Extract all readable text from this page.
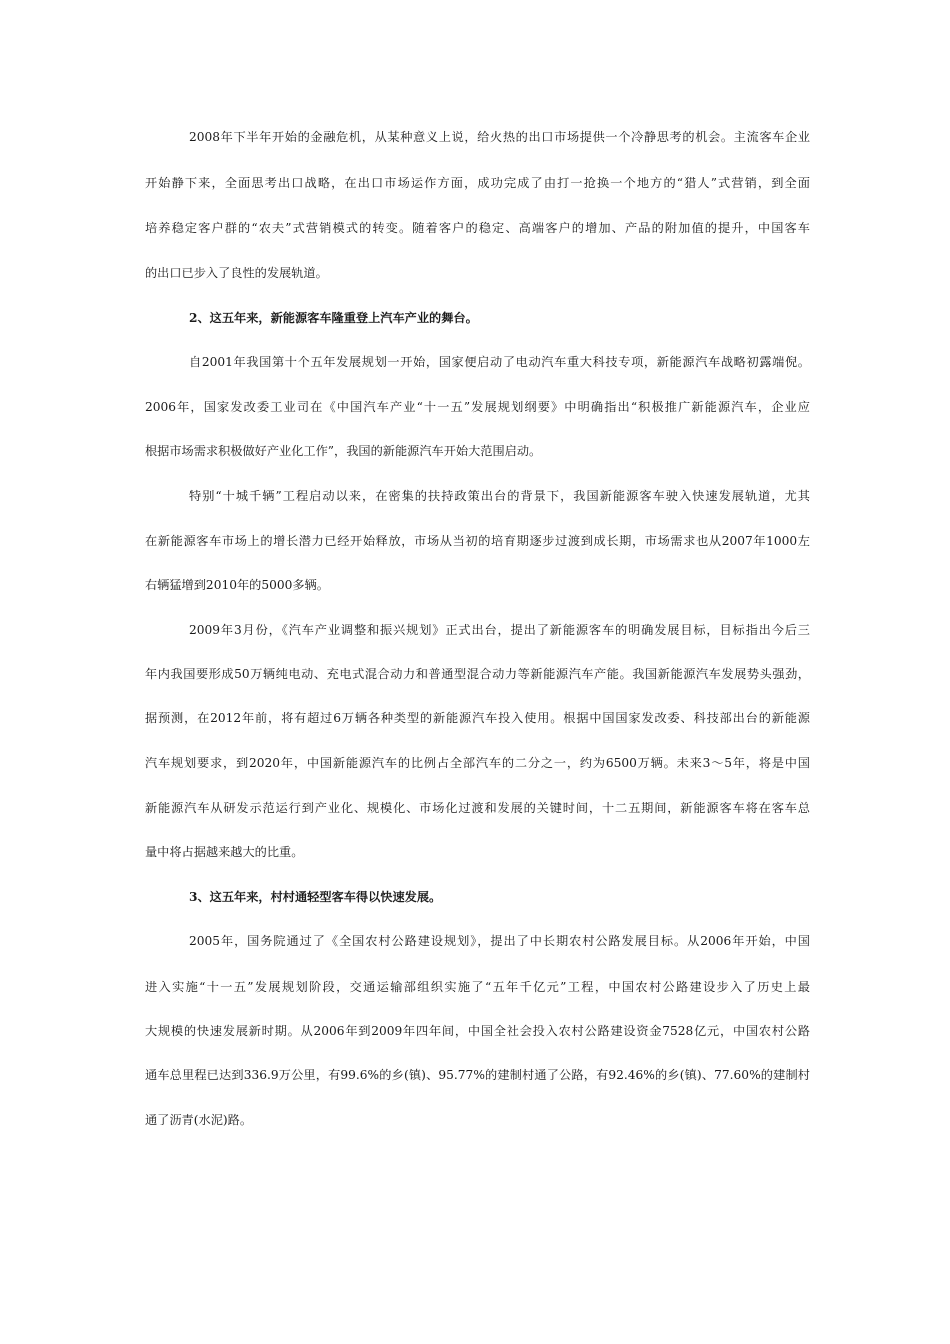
2008年下半年开始的金融危机，从某种意义上说，给火热的出口市场提供一个冷静思考的机会。主流客车企业
开始静下来，全面思考出口战略，在出口市场运作方面，成功完成了由打一抢换一个地方的“猎人”式营销，到全面
培养稳定客户群的“农夫”式营销模式的转变。随着客户的稳定、高端客户的增加、产品的附加值的提升，中国客车
的出口已步入了良性的发展轨道。
2、这五年来，新能源客车隆重登上汽车产业的舞台。
自2001年我国第十个五年发展规划一开始，国家便启动了电动汽车重大科技专项，新能源汽车战略初露端倪。
2006年，国家发改委工业司在《中国汽车产业“十一五”发展规划纲要》中明确指出“积极推广新能源汽车，企业应
根据市场需求积极做好产业化工作”，我国的新能源汽车开始大范围启动。
特别“十城千辆”工程启动以来，在密集的扶持政策出台的背景下，我国新能源客车驶入快速发展轨道，尤其
在新能源客车市场上的增长潜力已经开始释放，市场从当初的培育期逐步过渡到成长期，市场需求也从2007年1000左
右辆猛增到2010年的5000多辆。
2009年3月份，《汽车产业调整和振兴规划》正式出台，提出了新能源客车的明确发展目标，目标指出今后三
年内我国要形成50万辆纯电动、充电式混合动力和普通型混合动力等新能源汽车产能。我国新能源汽车发展势头强劲，
据预测，在2012年前，将有超过6万辆各种类型的新能源汽车投入使用。根据中国国家发改委、科技部出台的新能源
汽车规划要求，到2020年，中国新能源汽车的比例占全部汽车的二分之一，约为6500万辆。未来3～5年，将是中国
新能源汽车从研发示范运行到产业化、规模化、市场化过渡和发展的关键时间，十二五期间，新能源客车将在客车总
量中将占据越来越大的比重。
3、这五年来，村村通轻型客车得以快速发展。
2005年，国务院通过了《全国农村公路建设规划》，提出了中长期农村公路发展目标。从2006年开始，中国
进入实施“十一五”发展规划阶段，交通运输部组织实施了“五年千亿元”工程，中国农村公路建设步入了历史上最
大规模的快速发展新时期。从2006年到2009年四年间，中国全社会投入农村公路建设资金7528亿元，中国农村公路
通车总里程已达到336.9万公里，有99.6%的乡(镇)、95.77%的建制村通了公路，有92.46%的乡(镇)、77.60%的建制村
通了沥青(水泥)路。
